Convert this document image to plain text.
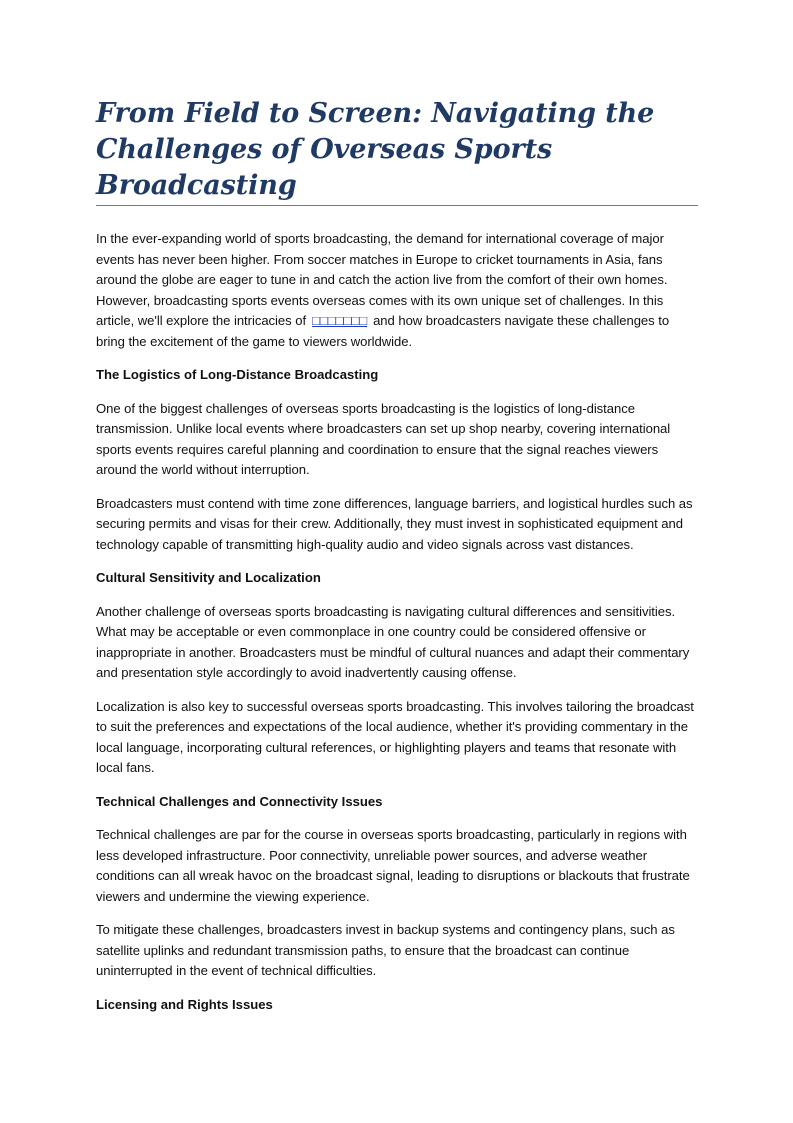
From Field to Screen: Navigating the Challenges of Overseas Sports Broadcasting

In the ever-expanding world of sports broadcasting, the demand for international coverage of major events has never been higher. From soccer matches in Europe to cricket tournaments in Asia, fans around the globe are eager to tune in and catch the action live from the comfort of their own homes. However, broadcasting sports events overseas comes with its own unique set of challenges. In this article, we'll explore the intricacies of □□□□□□□ and how broadcasters navigate these challenges to bring the excitement of the game to viewers worldwide.

The Logistics of Long-Distance Broadcasting

One of the biggest challenges of overseas sports broadcasting is the logistics of long-distance transmission. Unlike local events where broadcasters can set up shop nearby, covering international sports events requires careful planning and coordination to ensure that the signal reaches viewers around the world without interruption.

Broadcasters must contend with time zone differences, language barriers, and logistical hurdles such as securing permits and visas for their crew. Additionally, they must invest in sophisticated equipment and technology capable of transmitting high-quality audio and video signals across vast distances.

Cultural Sensitivity and Localization

Another challenge of overseas sports broadcasting is navigating cultural differences and sensitivities. What may be acceptable or even commonplace in one country could be considered offensive or inappropriate in another. Broadcasters must be mindful of cultural nuances and adapt their commentary and presentation style accordingly to avoid inadvertently causing offense.

Localization is also key to successful overseas sports broadcasting. This involves tailoring the broadcast to suit the preferences and expectations of the local audience, whether it's providing commentary in the local language, incorporating cultural references, or highlighting players and teams that resonate with local fans.

Technical Challenges and Connectivity Issues

Technical challenges are par for the course in overseas sports broadcasting, particularly in regions with less developed infrastructure. Poor connectivity, unreliable power sources, and adverse weather conditions can all wreak havoc on the broadcast signal, leading to disruptions or blackouts that frustrate viewers and undermine the viewing experience.

To mitigate these challenges, broadcasters invest in backup systems and contingency plans, such as satellite uplinks and redundant transmission paths, to ensure that the broadcast can continue uninterrupted in the event of technical difficulties.

Licensing and Rights Issues
